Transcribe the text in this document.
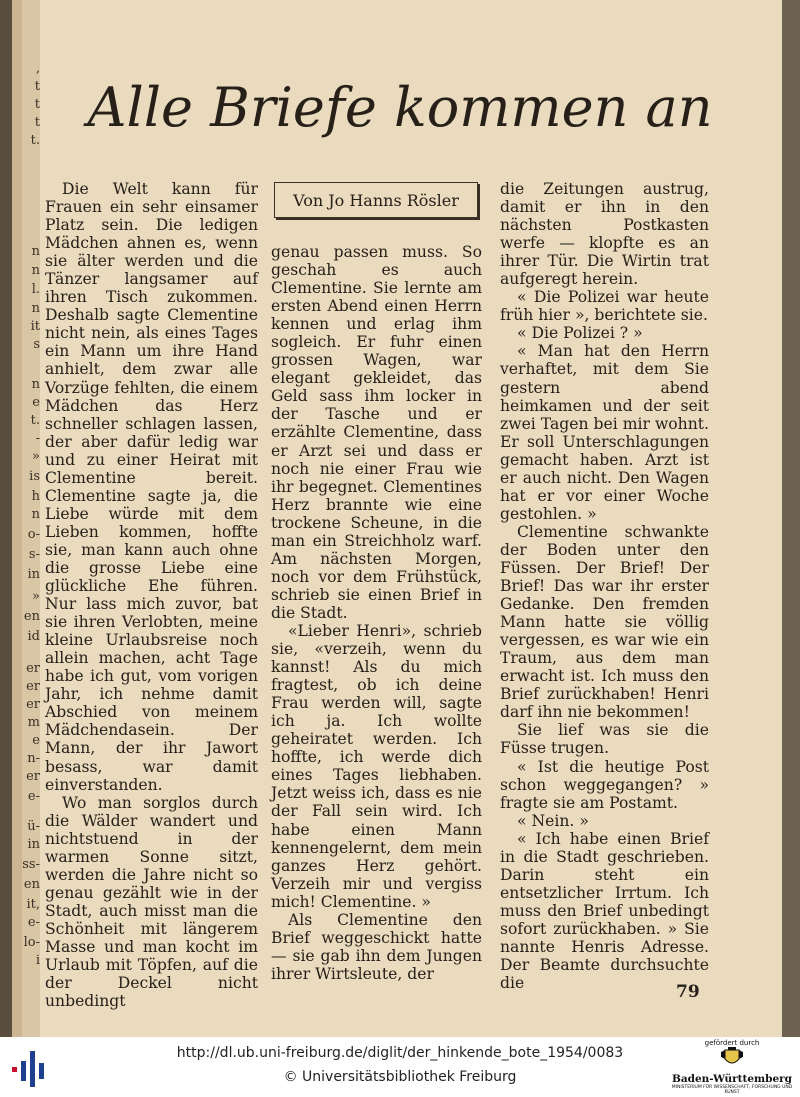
,
t
t
t
t.
n
n
l.
n
it
s
n
e
t.
-
»
is
h
n
o-
s-
in
»
en
id
er
er
er
m
e
n-
er
e-
ü-
in
ss-
en
it,
e-
lo-
i
Alle Briefe kommen an
Von Jo Hanns Rösler

Die Welt kann für Frauen ein sehr einsamer Platz sein. Die ledigen Mädchen ahnen es, wenn sie älter werden und die Tänzer langsamer auf ihren Tisch zukommen. Deshalb sagte Clementine nicht nein, als eines Tages ein Mann um ihre Hand anhielt, dem zwar alle Vorzüge fehlten, die einem Mädchen das Herz schneller schlagen lassen, der aber dafür ledig war und zu einer Heirat mit Clementine bereit. Clementine sagte ja, die Liebe würde mit dem Lieben kommen, hoffte sie, man kann auch ohne die grosse Liebe eine glückliche Ehe führen. Nur lass mich zuvor, bat sie ihren Verlobten, meine kleine Urlaubsreise noch allein machen, acht Tage habe ich gut, vom vorigen Jahr, ich nehme damit Abschied von meinem Mädchendasein. Der Mann, der ihr Jawort besass, war damit einverstanden.

Wo man sorglos durch die Wälder wandert und nichtstuend in der warmen Sonne sitzt, werden die Jahre nicht so genau gezählt wie in der Stadt, auch misst man die Schönheit mit längerem Masse und man kocht im Urlaub mit Töpfen, auf die der Deckel nicht unbedingt

genau passen muss. So geschah es auch Clementine. Sie lernte am ersten Abend einen Herrn kennen und erlag ihm sogleich. Er fuhr einen grossen Wagen, war elegant gekleidet, das Geld sass ihm locker in der Tasche und er erzählte Clementine, dass er Arzt sei und dass er noch nie einer Frau wie ihr begegnet. Clementines Herz brannte wie eine trockene Scheune, in die man ein Streichholz warf. Am nächsten Morgen, noch vor dem Frühstück, schrieb sie einen Brief in die Stadt.

«Lieber Henri», schrieb sie, «verzeih, wenn du kannst! Als du mich fragtest, ob ich deine Frau werden will, sagte ich ja. Ich wollte geheiratet werden. Ich hoffte, ich werde dich eines Tages liebhaben. Jetzt weiss ich, dass es nie der Fall sein wird. Ich habe einen Mann kennengelernt, dem mein ganzes Herz gehört. Verzeih mir und vergiss mich! Clementine. »

Als Clementine den Brief weggeschickt hatte — sie gab ihn dem Jungen ihrer Wirtsleute, der

die Zeitungen austrug, damit er ihn in den nächsten Postkasten werfe — klopfte es an ihrer Tür. Die Wirtin trat aufgeregt herein.

« Die Polizei war heute früh hier », berichtete sie.

« Die Polizei ? »

« Man hat den Herrn verhaftet, mit dem Sie gestern abend heimkamen und der seit zwei Tagen bei mir wohnt. Er soll Unterschlagungen gemacht haben. Arzt ist er auch nicht. Den Wagen hat er vor einer Woche gestohlen. »

Clementine schwankte der Boden unter den Füssen. Der Brief! Der Brief! Das war ihr erster Gedanke. Den fremden Mann hatte sie völlig vergessen, es war wie ein Traum, aus dem man erwacht ist. Ich muss den Brief zurückhaben! Henri darf ihn nie bekommen!

Sie lief was sie die Füsse trugen.

« Ist die heutige Post schon weggegangen? » fragte sie am Postamt.

« Nein. »

« Ich habe einen Brief in die Stadt geschrieben. Darin steht ein entsetzlicher Irrtum. Ich muss den Brief unbedingt sofort zurückhaben. » Sie nannte Henris Adresse. Der Beamte durchsuchte die	79
http://dl.ub.uni-freiburg.de/diglit/der_hinkende_bote_1954/0083
© Universitätsbibliothek Freiburg
gefördert durch
Baden-Württemberg
MINISTERIUM FÜR WISSENSCHAFT, FORSCHUNG UND KUNST
